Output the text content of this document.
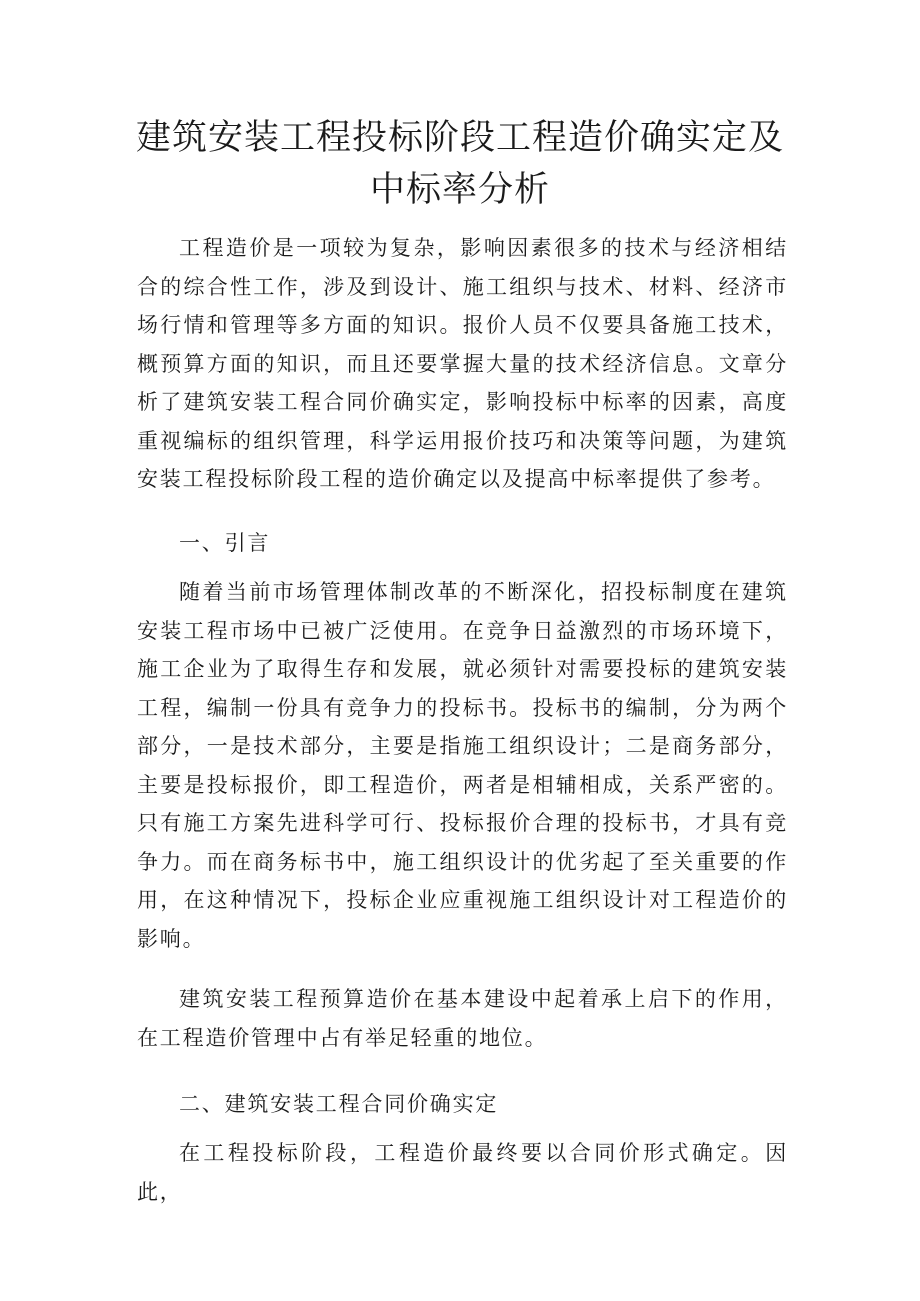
建筑安装工程投标阶段工程造价确实定及
中标率分析

工程造价是一项较为复杂，影响因素很多的技术与经济相结合的综合性工作，涉及到设计、施工组织与技术、材料、经济市场行情和管理等多方面的知识。报价人员不仅要具备施工技术，概预算方面的知识，而且还要掌握大量的技术经济信息。文章分析了建筑安装工程合同价确实定，影响投标中标率的因素，高度重视编标的组织管理，科学运用报价技巧和决策等问题，为建筑安装工程投标阶段工程的造价确定以及提高中标率提供了参考。

一、引言

随着当前市场管理体制改革的不断深化，招投标制度在建筑安装工程市场中已被广泛使用。在竞争日益激烈的市场环境下，施工企业为了取得生存和发展，就必须针对需要投标的建筑安装工程，编制一份具有竞争力的投标书。投标书的编制，分为两个部分，一是技术部分，主要是指施工组织设计；二是商务部分，主要是投标报价，即工程造价，两者是相辅相成，关系严密的。只有施工方案先进科学可行、投标报价合理的投标书，才具有竞争力。而在商务标书中，施工组织设计的优劣起了至关重要的作用，在这种情况下，投标企业应重视施工组织设计对工程造价的影响。

建筑安装工程预算造价在基本建设中起着承上启下的作用，在工程造价管理中占有举足轻重的地位。

二、建筑安装工程合同价确实定

在工程投标阶段，工程造价最终要以合同价形式确定。因此，
